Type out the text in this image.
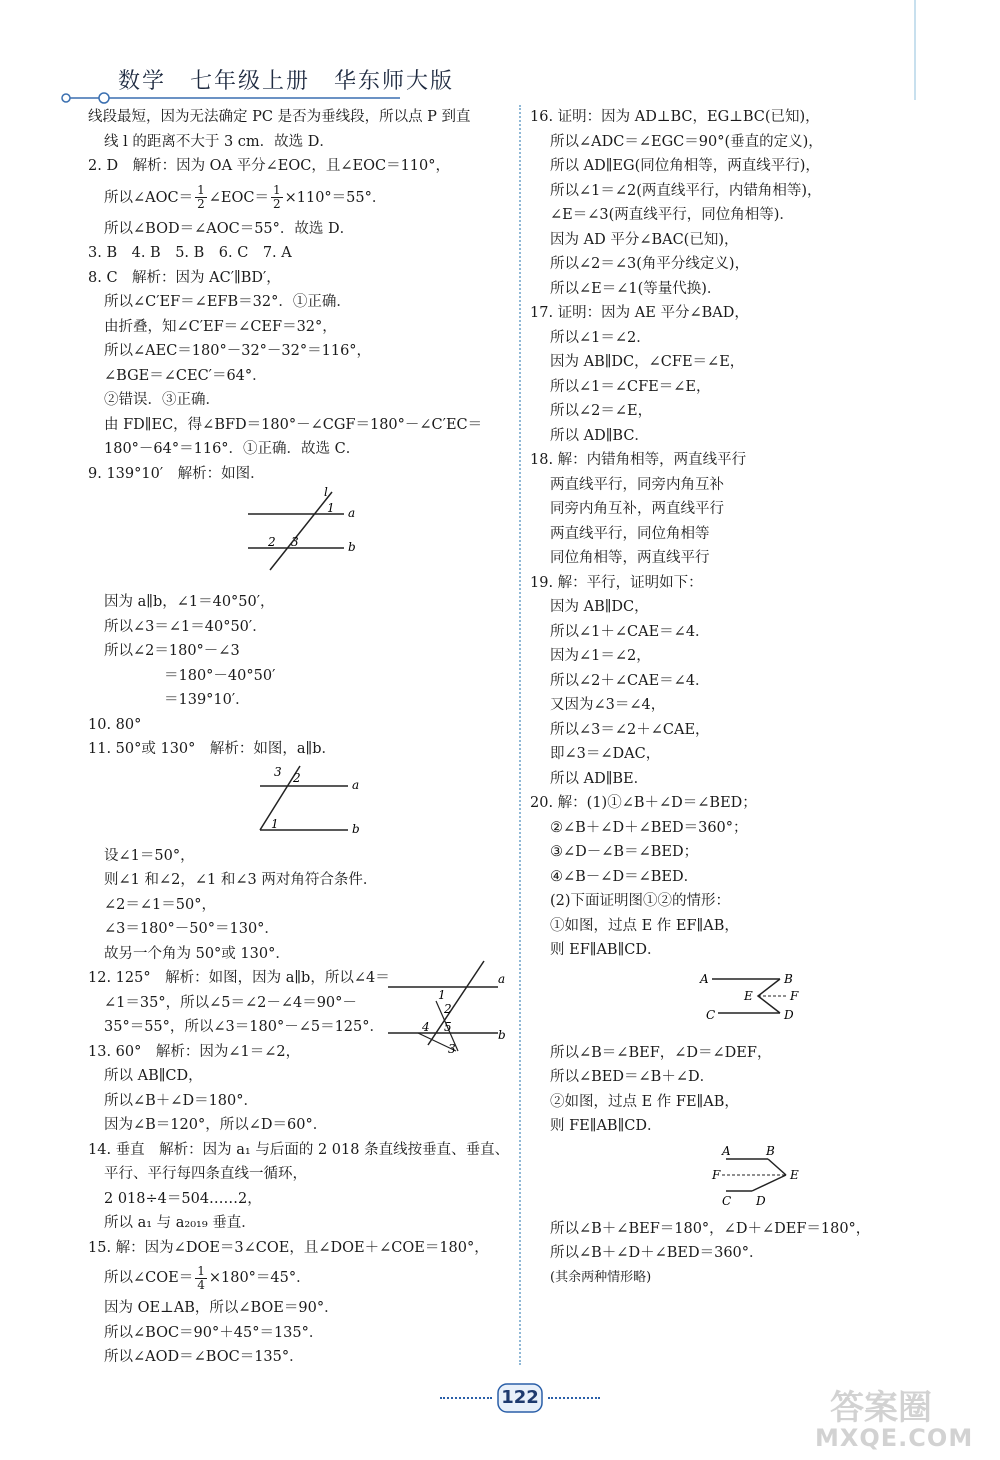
数学　七年级上册　华东师大版
线段最短，因为无法确定 PC 是否为垂线段，所以点 P 到直
线 l 的距离不大于 3 cm．故选 D．
2. D　解析：因为 OA 平分∠EOC，且∠EOC＝110°，
所以∠AOC＝ $\frac{1}{2}$ ∠EOC＝ $\frac{1}{2} \times 110^\circ=55^\circ$．
所以∠BOD＝∠AOC＝55°．故选 D．
3. B　4. B　5. B　6. C　7. A
8. C　解析：因为 AC′∥BD′，
所以∠C′EF＝∠EFB＝32°．①正确．
由折叠，知∠C′EF＝∠CEF＝32°，
所以∠AEC＝180°－32°－32°＝116°，
∠BGE＝∠CEC′＝64°．
②错误．③正确．
由 FD∥EC，得∠BFD＝180°－∠CGF＝180°－∠C′EC＝
180°－64°＝116°．①正确．故选 C．
9. 139°10′　解析：如图．
l
a
b
1
2 3
因为 a∥b，∠1＝40°50′，
所以∠3＝∠1＝40°50′．
所以∠2＝180°－∠3
＝180°－40°50′
＝139°10′．
10. 80°
11. 50°或 130°　解析：如图，a∥b．
a
b
1
2
3
设∠1＝50°，
则∠1 和∠2，∠1 和∠3 两对角符合条件．
∠2＝∠1＝50°，
∠3＝180°－50°＝130°．
故另一个角为 50°或 130°．
12. 125°　解析：如图，因为 a∥b，所以∠4＝
∠1＝35°，所以∠5＝∠2－∠4＝90°－
35°＝55°，所以∠3＝180°－∠5＝125°．
13. 60°　解析：因为∠1＝∠2，
所以 AB∥CD，
所以∠B＋∠D＝180°．
因为∠B＝120°，所以∠D＝60°．
14. 垂直　解析：因为 a₁ 与后面的 2 018 条直线按垂直、垂直、
平行、平行每四条直线一循环，
2 018÷4＝504……2，
所以 a₁ 与 a₂₀₁₉ 垂直．
15. 解：因为∠DOE＝3∠COE，且∠DOE＋∠COE＝180°，
所以∠COE＝ $\frac{1}{4} \times 180^\circ=45^\circ$．
因为 OE⊥AB，所以∠BOE＝90°．
所以∠BOC＝90°＋45°＝135°．
所以∠AOD＝∠BOC＝135°．
a
b
1
2
3
4 5
16. 证明：因为 AD⊥BC，EG⊥BC(已知)，
所以∠ADC＝∠EGC＝90°(垂直的定义)，
所以 AD∥EG(同位角相等，两直线平行)，
所以∠1＝∠2(两直线平行，内错角相等)，
∠E＝∠3(两直线平行，同位角相等)．
因为 AD 平分∠BAC(已知)，
所以∠2＝∠3(角平分线定义)，
所以∠E＝∠1(等量代换)．
17. 证明：因为 AE 平分∠BAD，
所以∠1＝∠2．
因为 AB∥DC，∠CFE＝∠E，
所以∠1＝∠CFE＝∠E，
所以∠2＝∠E，
所以 AD∥BC．
18. 解：内错角相等，两直线平行
两直线平行，同旁内角互补
同旁内角互补，两直线平行
两直线平行，同位角相等
同位角相等，两直线平行
19. 解：平行，证明如下：
因为 AB∥DC，
所以∠1＋∠CAE＝∠4．
因为∠1＝∠2，
所以∠2＋∠CAE＝∠4．
又因为∠3＝∠4，
所以∠3＝∠2＋∠CAE，
即∠3＝∠DAC，
所以 AD∥BE．
20. 解：(1)①∠B＋∠D＝∠BED；
②∠B＋∠D＋∠BED＝360°；
③∠D－∠B＝∠BED；
④∠B－∠D＝∠BED．
(2)下面证明图①②的情形：
①如图，过点 E 作 EF∥AB，
则 EF∥AB∥CD．
A	B
C	D
E	F
所以∠B＝∠BEF，∠D＝∠DEF，
所以∠BED＝∠B＋∠D．
②如图，过点 E 作 FE∥AB，
则 FE∥AB∥CD．
A	B
C D
E
F
所以∠B＋∠BEF＝180°，∠D＋∠DEF＝180°，
所以∠B＋∠D＋∠BED＝360°．
(其余两种情形略)
122	答案圈
MXQE.COM
